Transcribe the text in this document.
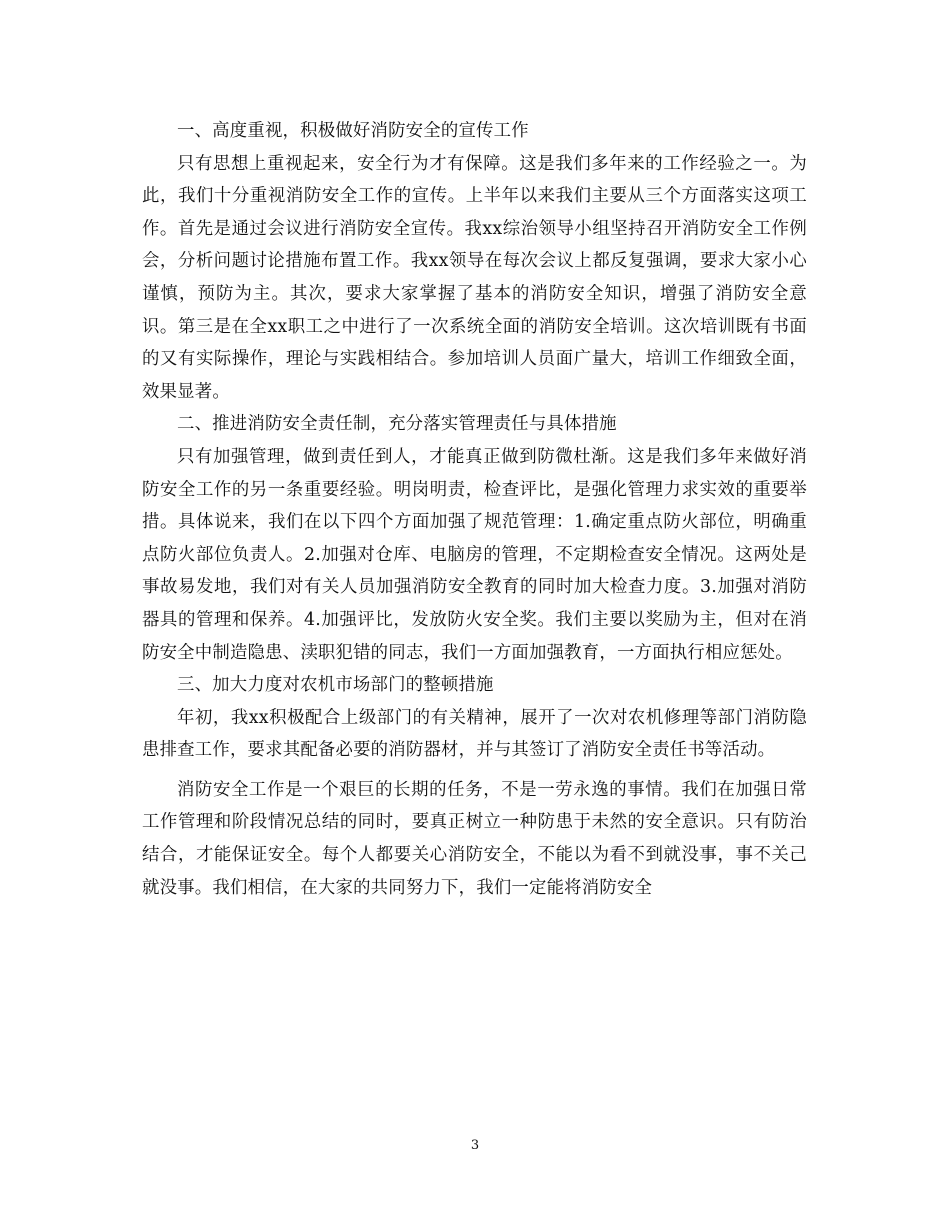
一、高度重视，积极做好消防安全的宣传工作

只有思想上重视起来，安全行为才有保障。这是我们多年来的工作经验之一。为此，我们十分重视消防安全工作的宣传。上半年以来我们主要从三个方面落实这项工作。首先是通过会议进行消防安全宣传。我xx综治领导小组坚持召开消防安全工作例会，分析问题讨论措施布置工作。我xx领导在每次会议上都反复强调，要求大家小心谨慎，预防为主。其次，要求大家掌握了基本的消防安全知识，增强了消防安全意识。第三是在全xx职工之中进行了一次系统全面的消防安全培训。这次培训既有书面的又有实际操作，理论与实践相结合。参加培训人员面广量大，培训工作细致全面，效果显著。

二、推进消防安全责任制，充分落实管理责任与具体措施

只有加强管理，做到责任到人，才能真正做到防微杜渐。这是我们多年来做好消防安全工作的另一条重要经验。明岗明责，检查评比，是强化管理力求实效的重要举措。具体说来，我们在以下四个方面加强了规范管理：1.确定重点防火部位，明确重点防火部位负责人。2.加强对仓库、电脑房的管理，不定期检查安全情况。这两处是事故易发地，我们对有关人员加强消防安全教育的同时加大检查力度。3.加强对消防器具的管理和保养。4.加强评比，发放防火安全奖。我们主要以奖励为主，但对在消防安全中制造隐患、渎职犯错的同志，我们一方面加强教育，一方面执行相应惩处。

三、加大力度对农机市场部门的整顿措施

年初，我xx积极配合上级部门的有关精神，展开了一次对农机修理等部门消防隐患排查工作，要求其配备必要的消防器材，并与其签订了消防安全责任书等活动。

消防安全工作是一个艰巨的长期的任务，不是一劳永逸的事情。我们在加强日常工作管理和阶段情况总结的同时，要真正树立一种防患于未然的安全意识。只有防治结合，才能保证安全。每个人都要关心消防安全，不能以为看不到就没事，事不关己就没事。我们相信，在大家的共同努力下，我们一定能将消防安全

3
